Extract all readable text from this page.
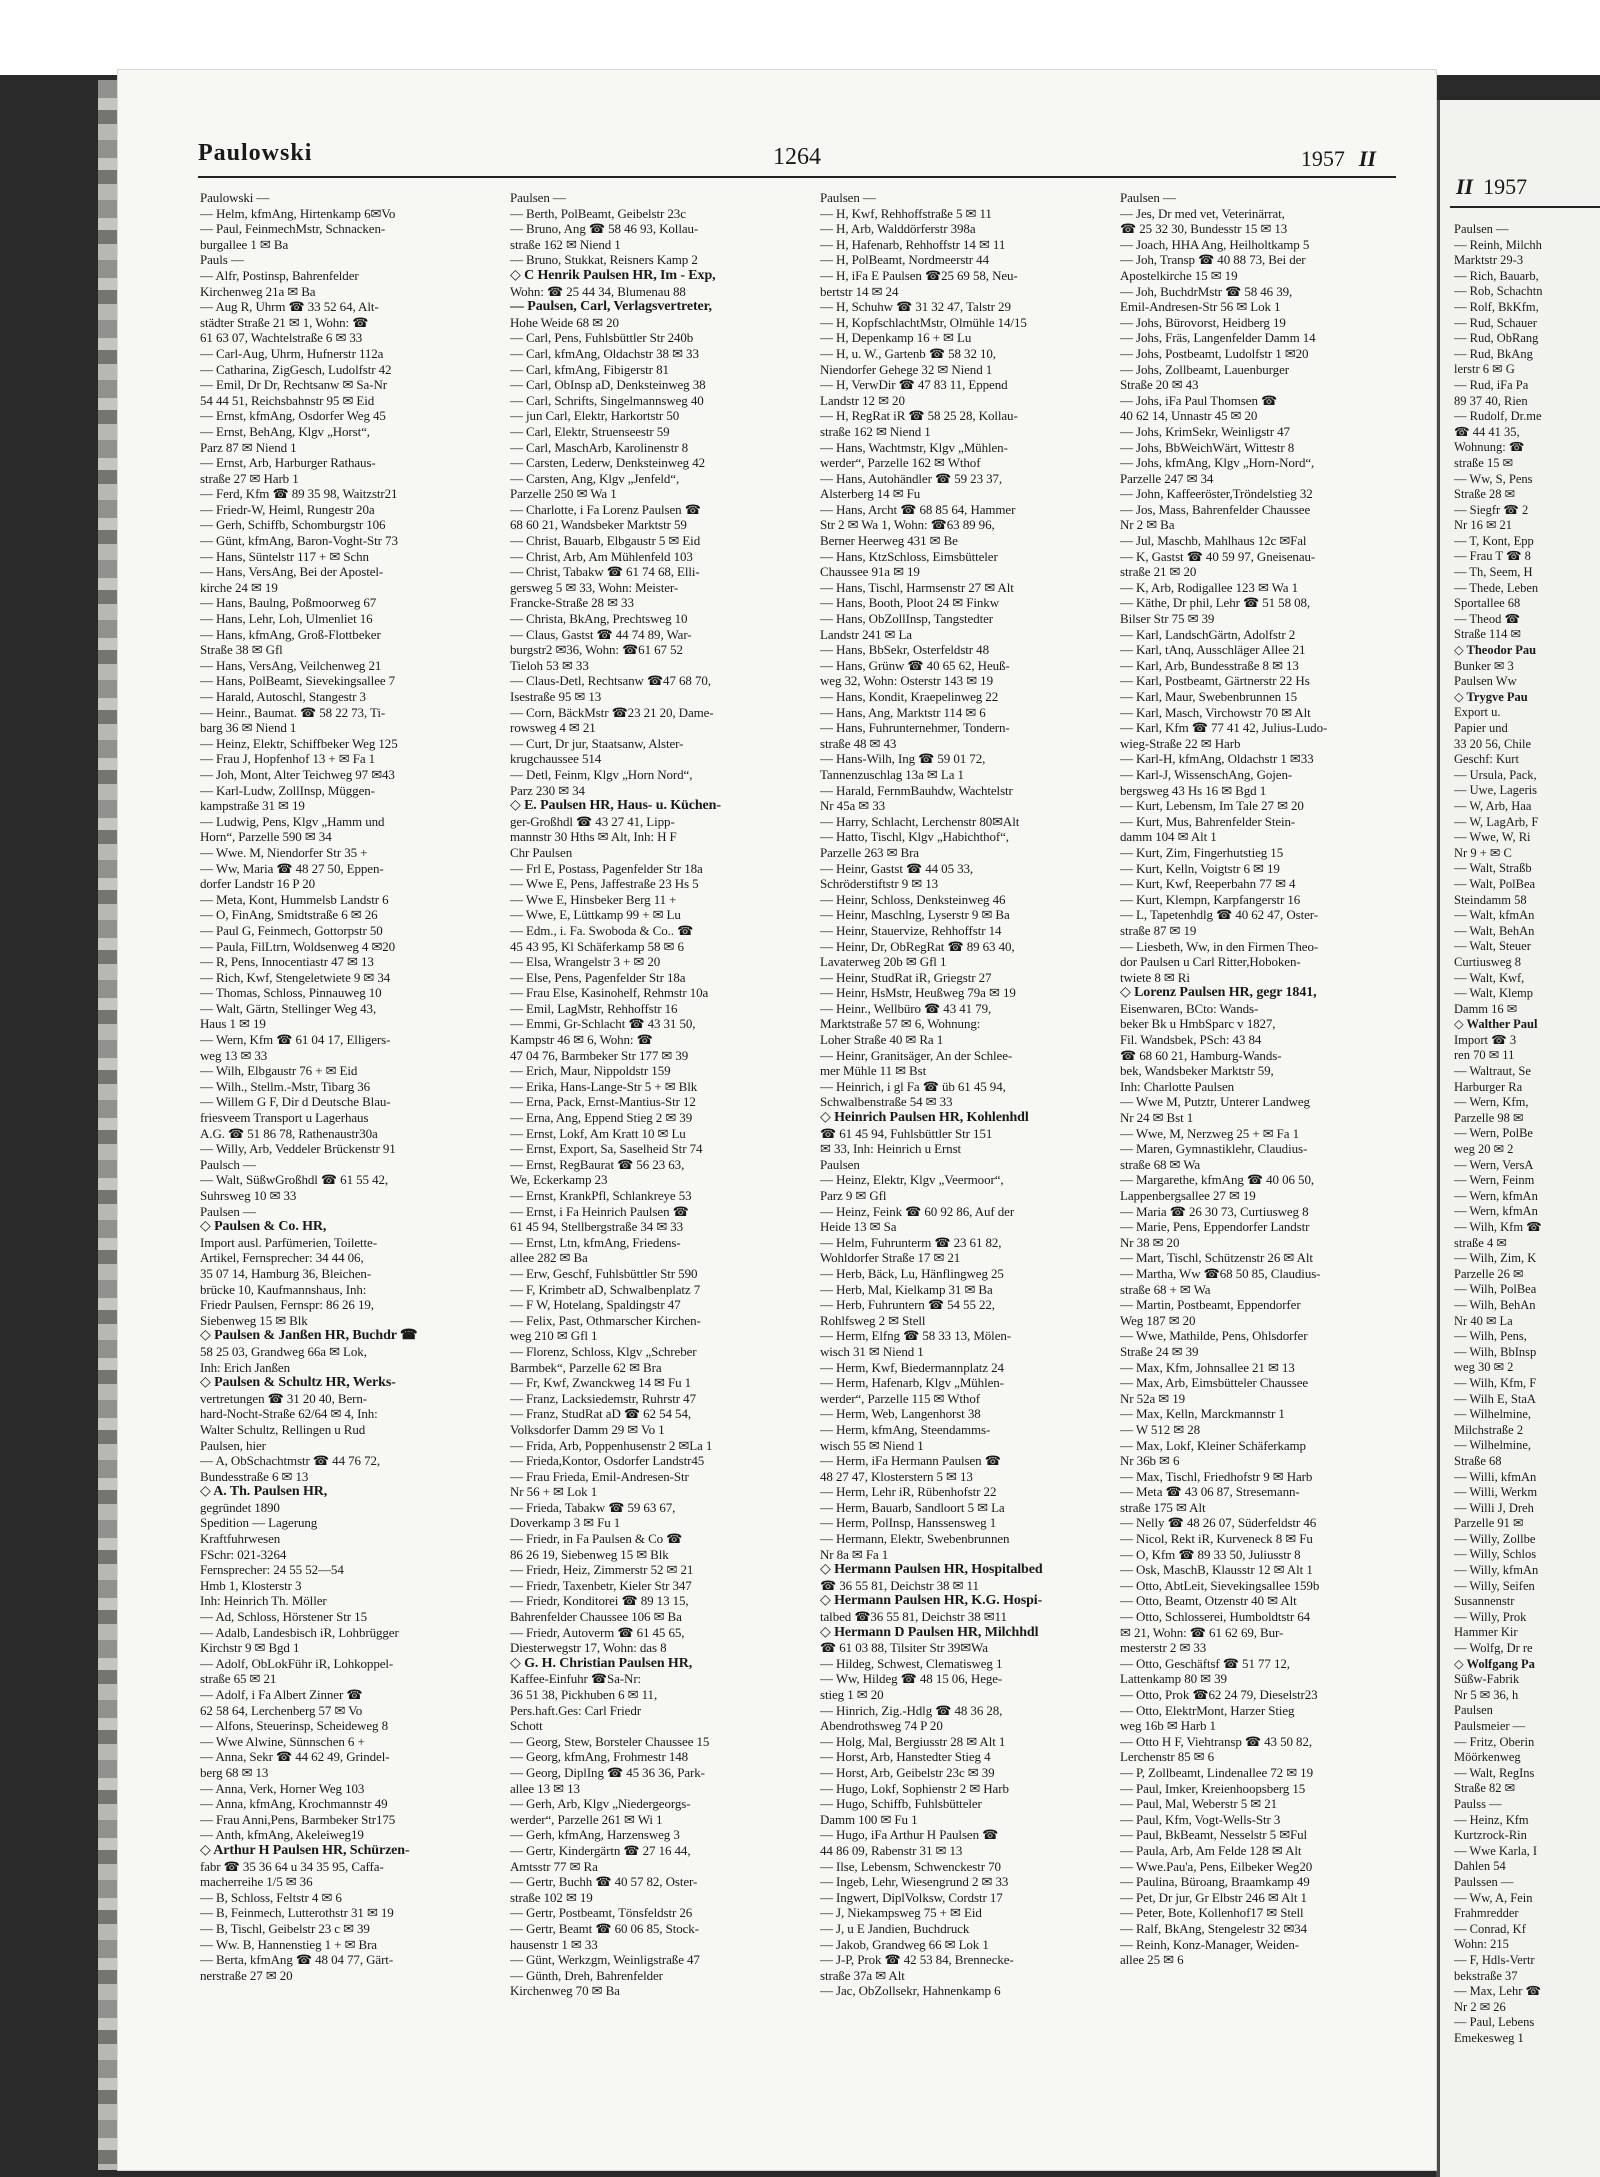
Paulowski	1264	1957 II
Paulowski —
— Helm, kfmAng, Hirtenkamp 6✉Vo
— Paul, FeinmechMstr, Schnacken-
burgallee 1 ✉ Ba
Pauls —
— Alfr, Postinsp, Bahrenfelder
Kirchenweg 21a ✉ Ba
— Aug R, Uhrm ☎ 33 52 64, Alt-
städter Straße 21 ✉ 1, Wohn: ☎
61 63 07, Wachtelstraße 6 ✉ 33
— Carl-Aug, Uhrm, Hufnerstr 112a
— Catharina, ZigGesch, Ludolfstr 42
— Emil, Dr Dr, Rechtsanw ✉ Sa-Nr
54 44 51, Reichsbahnstr 95 ✉ Eid
— Ernst, kfmAng, Osdorfer Weg 45
— Ernst, BehAng, Klgv „Horst“,
Parz 87 ✉ Niend 1
— Ernst, Arb, Harburger Rathaus-
straße 27 ✉ Harb 1
— Ferd, Kfm ☎ 89 35 98, Waitzstr21
— Friedr-W, Heiml, Rungestr 20a
— Gerh, Schiffb, Schomburgstr 106
— Günt, kfmAng, Baron-Voght-Str 73
— Hans, Süntelstr 117 + ✉ Schn
— Hans, VersAng, Bei der Apostel-
kirche 24 ✉ 19
— Hans, Baulng, Poßmoorweg 67
— Hans, Lehr, Loh, Ulmenliet 16
— Hans, kfmAng, Groß-Flottbeker
Straße 38 ✉ Gfl
— Hans, VersAng, Veilchenweg 21
— Hans, PolBeamt, Sievekingsallee 7
— Harald, Autoschl, Stangestr 3
— Heinr., Baumat. ☎ 58 22 73, Ti-
barg 36 ✉ Niend 1
— Heinz, Elektr, Schiffbeker Weg 125
— Frau J, Hopfenhof 13 + ✉ Fa 1
— Joh, Mont, Alter Teichweg 97 ✉43
— Karl-Ludw, ZollInsp, Müggen-
kampstraße 31 ✉ 19
— Ludwig, Pens, Klgv „Hamm und
Horn“, Parzelle 590 ✉ 34
— Wwe. M, Niendorfer Str 35 +
— Ww, Maria ☎ 48 27 50, Eppen-
dorfer Landstr 16 P 20
— Meta, Kont, Hummelsb Landstr 6
— O, FinAng, Smidtstraße 6 ✉ 26
— Paul G, Feinmech, Gottorpstr 50
— Paula, FilLtrn, Woldsenweg 4 ✉20
— R, Pens, Innocentiastr 47 ✉ 13
— Rich, Kwf, Stengeletwiete 9 ✉ 34
— Thomas, Schloss, Pinnauweg 10
— Walt, Gärtn, Stellinger Weg 43,
Haus 1 ✉ 19
— Wern, Kfm ☎ 61 04 17, Elligers-
weg 13 ✉ 33
— Wilh, Elbgaustr 76 + ✉ Eid
— Wilh., Stellm.-Mstr, Tibarg 36
— Willem G F, Dir d Deutsche Blau-
friesveem Transport u Lagerhaus
A.G. ☎ 51 86 78, Rathenaustr30a
— Willy, Arb, Veddeler Brückenstr 91
Paulsch —
— Walt, SüßwGroßhdl ☎ 61 55 42,
Suhrsweg 10 ✉ 33
Paulsen —
◇ Paulsen & Co. HR,
Import ausl. Parfümerien, Toilette-
Artikel, Fernsprecher: 34 44 06,
35 07 14, Hamburg 36, Bleichen-
brücke 10, Kaufmannshaus, Inh:
Friedr Paulsen, Fernspr: 86 26 19,
Siebenweg 15 ✉ Blk
◇ Paulsen & Janßen HR, Buchdr ☎
58 25 03, Grandweg 66a ✉ Lok,
Inh: Erich Janßen
◇ Paulsen & Schultz HR, Werks-
vertretungen ☎ 31 20 40, Bern-
hard-Nocht-Straße 62/64 ✉ 4, Inh:
Walter Schultz, Rellingen u Rud
Paulsen, hier
— A, ObSchachtmstr ☎ 44 76 72,
Bundesstraße 6 ✉ 13
◇ A. Th. Paulsen HR,
gegründet 1890
Spedition — Lagerung
Kraftfuhrwesen
FSchr: 021-3264
Fernsprecher: 24 55 52—54
Hmb 1, Klosterstr 3
Inh: Heinrich Th. Möller
— Ad, Schloss, Hörstener Str 15
— Adalb, Landesbisch iR, Lohbrügger
Kirchstr 9 ✉ Bgd 1
— Adolf, ObLokFühr iR, Lohkoppel-
straße 65 ✉ 21
— Adolf, i Fa Albert Zinner ☎
62 58 64, Lerchenberg 57 ✉ Vo
— Alfons, Steuerinsp, Scheideweg 8
— Wwe Alwine, Sünnschen 6 +
— Anna, Sekr ☎ 44 62 49, Grindel-
berg 68 ✉ 13
— Anna, Verk, Horner Weg 103
— Anna, kfmAng, Krochmannstr 49
— Frau Anni,Pens, Barmbeker Str175
— Anth, kfmAng, Akeleiweg19
◇ Arthur H Paulsen HR, Schürzen-
fabr ☎ 35 36 64 u 34 35 95, Caffa-
macherreihe 1/5 ✉ 36
— B, Schloss, Feltstr 4 ✉ 6
— B, Feinmech, Lutterothstr 31 ✉ 19
— B, Tischl, Geibelstr 23 c ✉ 39
— Ww. B, Hannenstieg 1 + ✉ Bra
— Berta, kfmAng ☎ 48 04 77, Gärt-
nerstraße 27 ✉ 20
Paulsen —
— Berth, PolBeamt, Geibelstr 23c
— Bruno, Ang ☎ 58 46 93, Kollau-
straße 162 ✉ Niend 1
— Bruno, Stukkat, Reisners Kamp 2
◇ C Henrik Paulsen HR, Im - Exp,
Wohn: ☎ 25 44 34, Blumenau 88
— Paulsen, Carl, Verlagsvertreter,
Hohe Weide 68 ✉ 20
— Carl, Pens, Fuhlsbüttler Str 240b
— Carl, kfmAng, Oldachstr 38 ✉ 33
— Carl, kfmAng, Fibigerstr 81
— Carl, ObInsp aD, Denksteinweg 38
— Carl, Schrifts, Singelmannsweg 40
— jun Carl, Elektr, Harkortstr 50
— Carl, Elektr, Struenseestr 59
— Carl, MaschArb, Karolinenstr 8
— Carsten, Lederw, Denksteinweg 42
— Carsten, Ang, Klgv „Jenfeld“,
Parzelle 250 ✉ Wa 1
— Charlotte, i Fa Lorenz Paulsen ☎
68 60 21, Wandsbeker Marktstr 59
— Christ, Bauarb, Elbgaustr 5 ✉ Eid
— Christ, Arb, Am Mühlenfeld 103
— Christ, Tabakw ☎ 61 74 68, Elli-
gersweg 5 ✉ 33, Wohn: Meister-
Francke-Straße 28 ✉ 33
— Christa, BkAng, Prechtsweg 10
— Claus, Gastst ☎ 44 74 89, War-
burgstr2 ✉36, Wohn: ☎61 67 52
Tieloh 53 ✉ 33
— Claus-Detl, Rechtsanw ☎47 68 70,
Isestraße 95 ✉ 13
— Corn, BäckMstr ☎23 21 20, Dame-
rowsweg 4 ✉ 21
— Curt, Dr jur, Staatsanw, Alster-
krugchaussee 514
— Detl, Feinm, Klgv „Horn Nord“,
Parz 230 ✉ 34
◇ E. Paulsen HR, Haus- u. Küchen-
ger-Großhdl ☎ 43 27 41, Lipp-
mannstr 30 Hths ✉ Alt, Inh: H F
Chr Paulsen
— Frl E, Postass, Pagenfelder Str 18a
— Wwe E, Pens, Jaffestraße 23 Hs 5
— Wwe E, Hinsbeker Berg 11 +
— Wwe, E, Lüttkamp 99 + ✉ Lu
— Edm., i. Fa. Swoboda & Co.. ☎
45 43 95, Kl Schäferkamp 58 ✉ 6
— Elsa, Wrangelstr 3 + ✉ 20
— Else, Pens, Pagenfelder Str 18a
— Frau Else, Kasinohelf, Rehmstr 10a
— Emil, LagMstr, Rehhoffstr 16
— Emmi, Gr-Schlacht ☎ 43 31 50,
Kampstr 46 ✉ 6, Wohn: ☎
47 04 76, Barmbeker Str 177 ✉ 39
— Erich, Maur, Nippoldstr 159
— Erika, Hans-Lange-Str 5 + ✉ Blk
— Erna, Pack, Ernst-Mantius-Str 12
— Erna, Ang, Eppend Stieg 2 ✉ 39
— Ernst, Lokf, Am Kratt 10 ✉ Lu
— Ernst, Export, Sa, Saselheid Str 74
— Ernst, RegBaurat ☎ 56 23 63,
We, Eckerkamp 23
— Ernst, KrankPfl, Schlankreye 53
— Ernst, i Fa Heinrich Paulsen ☎
61 45 94, Stellbergstraße 34 ✉ 33
— Ernst, Ltn, kfmAng, Friedens-
allee 282 ✉ Ba
— Erw, Geschf, Fuhlsbüttler Str 590
— F, Krimbetr aD, Schwalbenplatz 7
— F W, Hotelang, Spaldingstr 47
— Felix, Past, Othmarscher Kirchen-
weg 210 ✉ Gfl 1
— Florenz, Schloss, Klgv „Schreber
Barmbek“, Parzelle 62 ✉ Bra
— Fr, Kwf, Zwanckweg 14 ✉ Fu 1
— Franz, Lacksiedemstr, Ruhrstr 47
— Franz, StudRat aD ☎ 62 54 54,
Volksdorfer Damm 29 ✉ Vo 1
— Frida, Arb, Poppenhusenstr 2 ✉La 1
— Frieda,Kontor, Osdorfer Landstr45
— Frau Frieda, Emil-Andresen-Str
Nr 56 + ✉ Lok 1
— Frieda, Tabakw ☎ 59 63 67,
Doverkamp 3 ✉ Fu 1
— Friedr, in Fa Paulsen & Co ☎
86 26 19, Siebenweg 15 ✉ Blk
— Friedr, Heiz, Zimmerstr 52 ✉ 21
— Friedr, Taxenbetr, Kieler Str 347
— Friedr, Konditorei ☎ 89 13 15,
Bahrenfelder Chaussee 106 ✉ Ba
— Friedr, Autoverm ☎ 61 45 65,
Diesterwegstr 17, Wohn: das 8
◇ G. H. Christian Paulsen HR,
Kaffee-Einfuhr ☎Sa-Nr:
36 51 38, Pickhuben 6 ✉ 11,
Pers.haft.Ges: Carl Friedr
Schott
— Georg, Stew, Borsteler Chaussee 15
— Georg, kfmAng, Frohmestr 148
— Georg, DiplIng ☎ 45 36 36, Park-
allee 13 ✉ 13
— Gerh, Arb, Klgv „Niedergeorgs-
werder“, Parzelle 261 ✉ Wi 1
— Gerh, kfmAng, Harzensweg 3
— Gertr, Kindergärtn ☎ 27 16 44,
Amtsstr 77 ✉ Ra
— Gertr, Buchh ☎ 40 57 82, Oster-
straße 102 ✉ 19
— Gertr, Postbeamt, Tönsfeldstr 26
— Gertr, Beamt ☎ 60 06 85, Stock-
hausenstr 1 ✉ 33
— Günt, Werkzgm, Weinligstraße 47
— Günth, Dreh, Bahrenfelder
Kirchenweg 70 ✉ Ba
Paulsen —
— H, Kwf, Rehhoffstraße 5 ✉ 11
— H, Arb, Walddörferstr 398a
— H, Hafenarb, Rehhoffstr 14 ✉ 11
— H, PolBeamt, Nordmeerstr 44
— H, iFa E Paulsen ☎25 69 58, Neu-
bertstr 14 ✉ 24
— H, Schuhw ☎ 31 32 47, Talstr 29
— H, KopfschlachtMstr, Olmühle 14/15
— H, Depenkamp 16 + ✉ Lu
— H, u. W., Gartenb ☎ 58 32 10,
Niendorfer Gehege 32 ✉ Niend 1
— H, VerwDir ☎ 47 83 11, Eppend
Landstr 12 ✉ 20
— H, RegRat iR ☎ 58 25 28, Kollau-
straße 162 ✉ Niend 1
— Hans, Wachtmstr, Klgv „Mühlen-
werder“, Parzelle 162 ✉ Wthof
— Hans, Autohändler ☎ 59 23 37,
Alsterberg 14 ✉ Fu
— Hans, Archt ☎ 68 85 64, Hammer
Str 2 ✉ Wa 1, Wohn: ☎63 89 96,
Berner Heerweg 431 ✉ Be
— Hans, KtzSchloss, Eimsbütteler
Chaussee 91a ✉ 19
— Hans, Tischl, Harmsenstr 27 ✉ Alt
— Hans, Booth, Ploot 24 ✉ Finkw
— Hans, ObZollInsp, Tangstedter
Landstr 241 ✉ La
— Hans, BbSekr, Osterfeldstr 48
— Hans, Grünw ☎ 40 65 62, Heuß-
weg 32, Wohn: Osterstr 143 ✉ 19
— Hans, Kondit, Kraepelinweg 22
— Hans, Ang, Marktstr 114 ✉ 6
— Hans, Fuhrunternehmer, Tondern-
straße 48 ✉ 43
— Hans-Wilh, Ing ☎ 59 01 72,
Tannenzuschlag 13a ✉ La 1
— Harald, FernmBauhdw, Wachtelstr
Nr 45a ✉ 33
— Harry, Schlacht, Lerchenstr 80✉Alt
— Hatto, Tischl, Klgv „Habichthof“,
Parzelle 263 ✉ Bra
— Heinr, Gastst ☎ 44 05 33,
Schröderstiftstr 9 ✉ 13
— Heinr, Schloss, Denksteinweg 46
— Heinr, Maschlng, Lyserstr 9 ✉ Ba
— Heinr, Stauervize, Rehhoffstr 14
— Heinr, Dr, ObRegRat ☎ 89 63 40,
Lavaterweg 20b ✉ Gfl 1
— Heinr, StudRat iR, Griegstr 27
— Heinr, HsMstr, Heußweg 79a ✉ 19
— Heinr., Wellbüro ☎ 43 41 79,
Marktstraße 57 ✉ 6, Wohnung:
Loher Straße 40 ✉ Ra 1
— Heinr, Granitsäger, An der Schlee-
mer Mühle 11 ✉ Bst
— Heinrich, i gl Fa ☎ üb 61 45 94,
Schwalbenstraße 54 ✉ 33
◇ Heinrich Paulsen HR, Kohlenhdl
☎ 61 45 94, Fuhlsbüttler Str 151
✉ 33, Inh: Heinrich u Ernst
Paulsen
— Heinz, Elektr, Klgv „Veermoor“,
Parz 9 ✉ Gfl
— Heinz, Feink ☎ 60 92 86, Auf der
Heide 13 ✉ Sa
— Helm, Fuhrunterm ☎ 23 61 82,
Wohldorfer Straße 17 ✉ 21
— Herb, Bäck, Lu, Hänflingweg 25
— Herb, Mal, Kielkamp 31 ✉ Ba
— Herb, Fuhruntern ☎ 54 55 22,
Rohlfsweg 2 ✉ Stell
— Herm, Elfng ☎ 58 33 13, Mölen-
wisch 31 ✉ Niend 1
— Herm, Kwf, Biedermannplatz 24
— Herm, Hafenarb, Klgv „Mühlen-
werder“, Parzelle 115 ✉ Wthof
— Herm, Web, Langenhorst 38
— Herm, kfmAng, Steendamms-
wisch 55 ✉ Niend 1
— Herm, iFa Hermann Paulsen ☎
48 27 47, Klosterstern 5 ✉ 13
— Herm, Lehr iR, Rübenhofstr 22
— Herm, Bauarb, Sandloort 5 ✉ La
— Herm, PolInsp, Hanssensweg 1
— Hermann, Elektr, Swebenbrunnen
Nr 8a ✉ Fa 1
◇ Hermann Paulsen HR, Hospitalbed
☎ 36 55 81, Deichstr 38 ✉ 11
◇ Hermann Paulsen HR, K.G. Hospi-
talbed ☎36 55 81, Deichstr 38 ✉11
◇ Hermann D Paulsen HR, Milchhdl
☎ 61 03 88, Tilsiter Str 39✉Wa
— Hildeg, Schwest, Clematisweg 1
— Ww, Hildeg ☎ 48 15 06, Hege-
stieg 1 ✉ 20
— Hinrich, Zig.-Hdlg ☎ 48 36 28,
Abendrothsweg 74 P 20
— Holg, Mal, Bergiusstr 28 ✉ Alt 1
— Horst, Arb, Hanstedter Stieg 4
— Horst, Arb, Geibelstr 23c ✉ 39
— Hugo, Lokf, Sophienstr 2 ✉ Harb
— Hugo, Schiffb, Fuhlsbütteler
Damm 100 ✉ Fu 1
— Hugo, iFa Arthur H Paulsen ☎
44 86 09, Rabenstr 31 ✉ 13
— Ilse, Lebensm, Schwenckestr 70
— Ingeb, Lehr, Wiesengrund 2 ✉ 33
— Ingwert, DiplVolksw, Cordstr 17
— J, Niekampsweg 75 + ✉ Eid
— J, u E Jandien, Buchdruck
— Jakob, Grandweg 66 ✉ Lok 1
— J-P, Prok ☎ 42 53 84, Brennecke-
straße 37a ✉ Alt
— Jac, ObZollsekr, Hahnenkamp 6
Paulsen —
— Jes, Dr med vet, Veterinärrat,
☎ 25 32 30, Bundesstr 15 ✉ 13
— Joach, HHA Ang, Heilholtkamp 5
— Joh, Transp ☎ 40 88 73, Bei der
Apostelkirche 15 ✉ 19
— Joh, BuchdrMstr ☎ 58 46 39,
Emil-Andresen-Str 56 ✉ Lok 1
— Johs, Bürovorst, Heidberg 19
— Johs, Fräs, Langenfelder Damm 14
— Johs, Postbeamt, Ludolfstr 1 ✉20
— Johs, Zollbeamt, Lauenburger
Straße 20 ✉ 43
— Johs, iFa Paul Thomsen ☎
40 62 14, Unnastr 45 ✉ 20
— Johs, KrimSekr, Weinligstr 47
— Johs, BbWeichWärt, Wittestr 8
— Johs, kfmAng, Klgv „Horn-Nord“,
Parzelle 247 ✉ 34
— John, Kaffeeröster,Tröndelstieg 32
— Jos, Mass, Bahrenfelder Chaussee
Nr 2 ✉ Ba
— Jul, Maschb, Mahlhaus 12c ✉Fal
— K, Gastst ☎ 40 59 97, Gneisenau-
straße 21 ✉ 20
— K, Arb, Rodigallee 123 ✉ Wa 1
— Käthe, Dr phil, Lehr ☎ 51 58 08,
Bilser Str 75 ✉ 39
— Karl, LandschGärtn, Adolfstr 2
— Karl, tAnq, Ausschläger Allee 21
— Karl, Arb, Bundesstraße 8 ✉ 13
— Karl, Postbeamt, Gärtnerstr 22 Hs
— Karl, Maur, Swebenbrunnen 15
— Karl, Masch, Virchowstr 70 ✉ Alt
— Karl, Kfm ☎ 77 41 42, Julius-Ludo-
wieg-Straße 22 ✉ Harb
— Karl-H, kfmAng, Oldachstr 1 ✉33
— Karl-J, WissenschAng, Gojen-
bergsweg 43 Hs 16 ✉ Bgd 1
— Kurt, Lebensm, Im Tale 27 ✉ 20
— Kurt, Mus, Bahrenfelder Stein-
damm 104 ✉ Alt 1
— Kurt, Zim, Fingerhutstieg 15
— Kurt, Kelln, Voigtstr 6 ✉ 19
— Kurt, Kwf, Reeperbahn 77 ✉ 4
— Kurt, Klempn, Karpfangerstr 16
— L, Tapetenhdlg ☎ 40 62 47, Oster-
straße 87 ✉ 19
— Liesbeth, Ww, in den Firmen Theo-
dor Paulsen u Carl Ritter,Hoboken-
twiete 8 ✉ Ri
◇ Lorenz Paulsen HR, gegr 1841,
Eisenwaren, BCto: Wands-
beker Bk u HmbSparc v 1827,
Fil. Wandsbek, PSch: 43 84
☎ 68 60 21, Hamburg-Wands-
bek, Wandsbeker Marktstr 59,
Inh: Charlotte Paulsen
— Wwe M, Putztr, Unterer Landweg
Nr 24 ✉ Bst 1
— Wwe, M, Nerzweg 25 + ✉ Fa 1
— Maren, Gymnastiklehr, Claudius-
straße 68 ✉ Wa
— Margarethe, kfmAng ☎ 40 06 50,
Lappenbergsallee 27 ✉ 19
— Maria ☎ 26 30 73, Curtiusweg 8
— Marie, Pens, Eppendorfer Landstr
Nr 38 ✉ 20
— Mart, Tischl, Schützenstr 26 ✉ Alt
— Martha, Ww ☎68 50 85, Claudius-
straße 68 + ✉ Wa
— Martin, Postbeamt, Eppendorfer
Weg 187 ✉ 20
— Wwe, Mathilde, Pens, Ohlsdorfer
Straße 24 ✉ 39
— Max, Kfm, Johnsallee 21 ✉ 13
— Max, Arb, Eimsbütteler Chaussee
Nr 52a ✉ 19
— Max, Kelln, Marckmannstr 1
— W 512 ✉ 28
— Max, Lokf, Kleiner Schäferkamp
Nr 36b ✉ 6
— Max, Tischl, Friedhofstr 9 ✉ Harb
— Meta ☎ 43 06 87, Stresemann-
straße 175 ✉ Alt
— Nelly ☎ 48 26 07, Süderfeldstr 46
— Nicol, Rekt iR, Kurveneck 8 ✉ Fu
— O, Kfm ☎ 89 33 50, Juliusstr 8
— Osk, MaschB, Klausstr 12 ✉ Alt 1
— Otto, AbtLeit, Sievekingsallee 159b
— Otto, Beamt, Otzenstr 40 ✉ Alt
— Otto, Schlosserei, Humboldtstr 64
✉ 21, Wohn: ☎ 61 62 69, Bur-
mesterstr 2 ✉ 33
— Otto, Geschäftsf ☎ 51 77 12,
Lattenkamp 80 ✉ 39
— Otto, Prok ☎62 24 79, Dieselstr23
— Otto, ElektrMont, Harzer Stieg
weg 16b ✉ Harb 1
— Otto H F, Viehtransp ☎ 43 50 82,
Lerchenstr 85 ✉ 6
— P, Zollbeamt, Lindenallee 72 ✉ 19
— Paul, Imker, Kreienhoopsberg 15
— Paul, Mal, Weberstr 5 ✉ 21
— Paul, Kfm, Vogt-Wells-Str 3
— Paul, BkBeamt, Nesselstr 5 ✉Ful
— Paula, Arb, Am Felde 128 ✉ Alt
— Wwe.Pau'a, Pens, Eilbeker Weg20
— Paulina, Büroang, Braamkamp 49
— Pet, Dr jur, Gr Elbstr 246 ✉ Alt 1
— Peter, Bote, Kollenhof17 ✉ Stell
— Ralf, BkAng, Stengelestr 32 ✉34
— Reinh, Konz-Manager, Weiden-
allee 25 ✉ 6
II 1957
Paulsen —
— Reinh, Milchh
Marktstr 29-3
— Rich, Bauarb,
— Rob, Schachtn
— Rolf, BkKfm,
— Rud, Schauer
— Rud, ObRang
— Rud, BkAng
lerstr 6 ✉ G
— Rud, iFa Pa
89 37 40, Rien
— Rudolf, Dr.me
☎ 44 41 35,
Wohnung: ☎
straße 15 ✉
— Ww, S, Pens
Straße 28 ✉
— Siegfr ☎ 2
Nr 16 ✉ 21
— T, Kont, Epp
— Frau T ☎ 8
— Th, Seem, H
— Thede, Leben
Sportallee 68
— Theod ☎
Straße 114 ✉
◇ Theodor Pau
Bunker ✉ 3
Paulsen Ww
◇ Trygve Pau
Export u.
Papier und
33 20 56, Chile
Geschf: Kurt
— Ursula, Pack,
— Uwe, Lageris
— W, Arb, Haa
— W, LagArb, F
— Wwe, W, Ri
Nr 9 + ✉ C
— Walt, Straßb
— Walt, PolBea
Steindamm 58
— Walt, kfmAn
— Walt, BehAn
— Walt, Steuer
Curtiusweg 8
— Walt, Kwf,
— Walt, Klemp
Damm 16 ✉
◇ Walther Paul
Import ☎ 3
ren 70 ✉ 11
— Waltraut, Se
Harburger Ra
— Wern, Kfm,
Parzelle 98 ✉
— Wern, PolBe
weg 20 ✉ 2
— Wern, VersA
— Wern, Feinm
— Wern, kfmAn
— Wern, kfmAn
— Wilh, Kfm ☎
straße 4 ✉
— Wilh, Zim, K
Parzelle 26 ✉
— Wilh, PolBea
— Wilh, BehAn
Nr 40 ✉ La
— Wilh, Pens,
— Wilh, BbInsp
weg 30 ✉ 2
— Wilh, Kfm, F
— Wilh E, StaA
— Wilhelmine,
Milchstraße 2
— Wilhelmine,
Straße 68
— Willi, kfmAn
— Willi, Werkm
— Willi J, Dreh
Parzelle 91 ✉
— Willy, Zollbe
— Willy, Schlos
— Willy, kfmAn
— Willy, Seifen
Susannenstr
— Willy, Prok
Hammer Kir
— Wolfg, Dr re
◇ Wolfgang Pa
Süßw-Fabrik
Nr 5 ✉ 36, h
Paulsen
Paulsmeier —
— Fritz, Oberin
Möörkenweg
— Walt, RegIns
Straße 82 ✉
Paulss —
— Heinz, Kfm
Kurtzrock-Rin
— Wwe Karla, I
Dahlen 54
Paulssen —
— Ww, A, Fein
Frahmredder
— Conrad, Kf
Wohn: 215
— F, Hdls-Vertr
bekstraße 37
— Max, Lehr ☎
Nr 2 ✉ 26
— Paul, Lebens
Emekesweg 1
